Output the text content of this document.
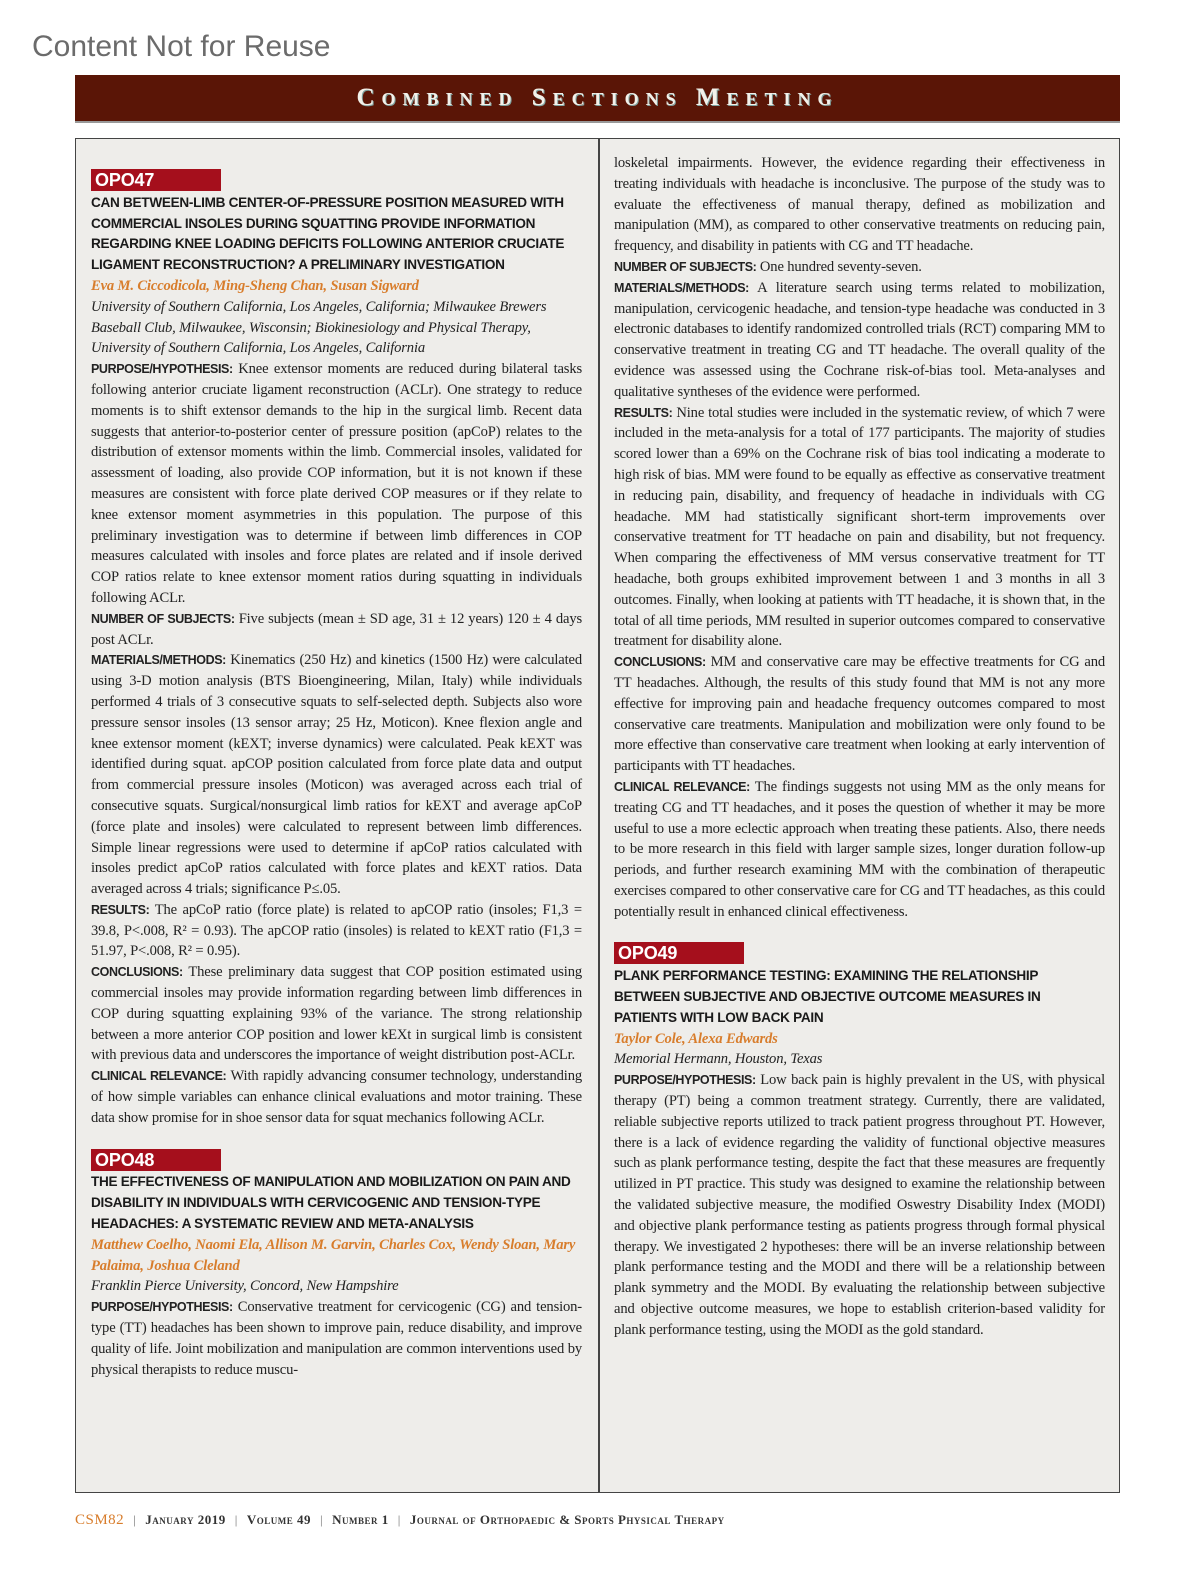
Content Not for Reuse
Combined Sections Meeting
OPO47
CAN BETWEEN-LIMB CENTER-OF-PRESSURE POSITION MEASURED WITH COMMERCIAL INSOLES DURING SQUATTING PROVIDE INFORMATION REGARDING KNEE LOADING DEFICITS FOLLOWING ANTERIOR CRUCIATE LIGAMENT RECONSTRUCTION? A PRELIMINARY INVESTIGATION
Eva M. Ciccodicola, Ming-Sheng Chan, Susan Sigward
University of Southern California, Los Angeles, California; Milwaukee Brewers Baseball Club, Milwaukee, Wisconsin; Biokinesiology and Physical Therapy, University of Southern California, Los Angeles, California

PURPOSE/HYPOTHESIS: Knee extensor moments are reduced during bilateral tasks following anterior cruciate ligament reconstruction (ACLr). One strategy to reduce moments is to shift extensor demands to the hip in the surgical limb. Recent data suggests that anterior-to-posterior center of pressure position (apCoP) relates to the distribution of extensor moments within the limb. Commercial insoles, validated for assessment of loading, also provide COP information, but it is not known if these measures are consistent with force plate derived COP measures or if they relate to knee extensor moment asymmetries in this population. The purpose of this preliminary investigation was to determine if between limb differences in COP measures calculated with insoles and force plates are related and if insole derived COP ratios relate to knee extensor moment ratios during squatting in individuals following ACLr.

NUMBER OF SUBJECTS: Five subjects (mean ± SD age, 31 ± 12 years) 120 ± 4 days post ACLr.

MATERIALS/METHODS: Kinematics (250 Hz) and kinetics (1500 Hz) were calculated using 3-D motion analysis (BTS Bioengineering, Milan, Italy) while individuals performed 4 trials of 3 consecutive squats to self-selected depth. Subjects also wore pressure sensor insoles (13 sensor array; 25 Hz, Moticon). Knee flexion angle and knee extensor moment (kEXT; inverse dynamics) were calculated. Peak kEXT was identified during squat. apCOP position calculated from force plate data and output from commercial pressure insoles (Moticon) was averaged across each trial of consecutive squats. Surgical/nonsurgical limb ratios for kEXT and average apCoP (force plate and insoles) were calculated to represent between limb differences. Simple linear regressions were used to determine if apCoP ratios calculated with insoles predict apCoP ratios calculated with force plates and kEXT ratios. Data averaged across 4 trials; significance P≤.05.

RESULTS: The apCoP ratio (force plate) is related to apCOP ratio (insoles; F1,3 = 39.8, P<.008, R² = 0.93). The apCOP ratio (insoles) is related to kEXT ratio (F1,3 = 51.97, P<.008, R² = 0.95).

CONCLUSIONS: These preliminary data suggest that COP position estimated using commercial insoles may provide information regarding between limb differences in COP during squatting explaining 93% of the variance. The strong relationship between a more anterior COP position and lower kEXt in surgical limb is consistent with previous data and underscores the importance of weight distribution post-ACLr.

CLINICAL RELEVANCE: With rapidly advancing consumer technology, understanding of how simple variables can enhance clinical evaluations and motor training. These data show promise for in shoe sensor data for squat mechanics following ACLr.

OPO48
THE EFFECTIVENESS OF MANIPULATION AND MOBILIZATION ON PAIN AND DISABILITY IN INDIVIDUALS WITH CERVICOGENIC AND TENSION-TYPE HEADACHES: A SYSTEMATIC REVIEW AND META-ANALYSIS
Matthew Coelho, Naomi Ela, Allison M. Garvin, Charles Cox, Wendy Sloan, Mary Palaima, Joshua Cleland
Franklin Pierce University, Concord, New Hampshire

PURPOSE/HYPOTHESIS: Conservative treatment for cervicogenic (CG) and tension-type (TT) headaches has been shown to improve pain, reduce disability, and improve quality of life. Joint mobilization and manipulation are common interventions used by physical therapists to reduce muscu-

loskeletal impairments. However, the evidence regarding their effectiveness in treating individuals with headache is inconclusive. The purpose of the study was to evaluate the effectiveness of manual therapy, defined as mobilization and manipulation (MM), as compared to other conservative treatments on reducing pain, frequency, and disability in patients with CG and TT headache.

NUMBER OF SUBJECTS: One hundred seventy-seven.

MATERIALS/METHODS: A literature search using terms related to mobilization, manipulation, cervicogenic headache, and tension-type headache was conducted in 3 electronic databases to identify randomized controlled trials (RCT) comparing MM to conservative treatment in treating CG and TT headache. The overall quality of the evidence was assessed using the Cochrane risk-of-bias tool. Meta-analyses and qualitative syntheses of the evidence were performed.

RESULTS: Nine total studies were included in the systematic review, of which 7 were included in the meta-analysis for a total of 177 participants. The majority of studies scored lower than a 69% on the Cochrane risk of bias tool indicating a moderate to high risk of bias. MM were found to be equally as effective as conservative treatment in reducing pain, disability, and frequency of headache in individuals with CG headache. MM had statistically significant short-term improvements over conservative treatment for TT headache on pain and disability, but not frequency. When comparing the effectiveness of MM versus conservative treatment for TT headache, both groups exhibited improvement between 1 and 3 months in all 3 outcomes. Finally, when looking at patients with TT headache, it is shown that, in the total of all time periods, MM resulted in superior outcomes compared to conservative treatment for disability alone.

CONCLUSIONS: MM and conservative care may be effective treatments for CG and TT headaches. Although, the results of this study found that MM is not any more effective for improving pain and headache frequency outcomes compared to most conservative care treatments. Manipulation and mobilization were only found to be more effective than conservative care treatment when looking at early intervention of participants with TT headaches.

CLINICAL RELEVANCE: The findings suggests not using MM as the only means for treating CG and TT headaches, and it poses the question of whether it may be more useful to use a more eclectic approach when treating these patients. Also, there needs to be more research in this field with larger sample sizes, longer duration follow-up periods, and further research examining MM with the combination of therapeutic exercises compared to other conservative care for CG and TT headaches, as this could potentially result in enhanced clinical effectiveness.

OPO49
PLANK PERFORMANCE TESTING: EXAMINING THE RELATIONSHIP BETWEEN SUBJECTIVE AND OBJECTIVE OUTCOME MEASURES IN PATIENTS WITH LOW BACK PAIN
Taylor Cole, Alexa Edwards
Memorial Hermann, Houston, Texas

PURPOSE/HYPOTHESIS: Low back pain is highly prevalent in the US, with physical therapy (PT) being a common treatment strategy. Currently, there are validated, reliable subjective reports utilized to track patient progress throughout PT. However, there is a lack of evidence regarding the validity of functional objective measures such as plank performance testing, despite the fact that these measures are frequently utilized in PT practice. This study was designed to examine the relationship between the validated subjective measure, the modified Oswestry Disability Index (MODI) and objective plank performance testing as patients progress through formal physical therapy. We investigated 2 hypotheses: there will be an inverse relationship between plank performance testing and the MODI and there will be a relationship between plank symmetry and the MODI. By evaluating the relationship between subjective and objective outcome measures, we hope to establish criterion-based validity for plank performance testing, using the MODI as the gold standard.

CSM82 | January 2019 | Volume 49 | Number 1 | Journal of Orthopaedic & Sports Physical Therapy
